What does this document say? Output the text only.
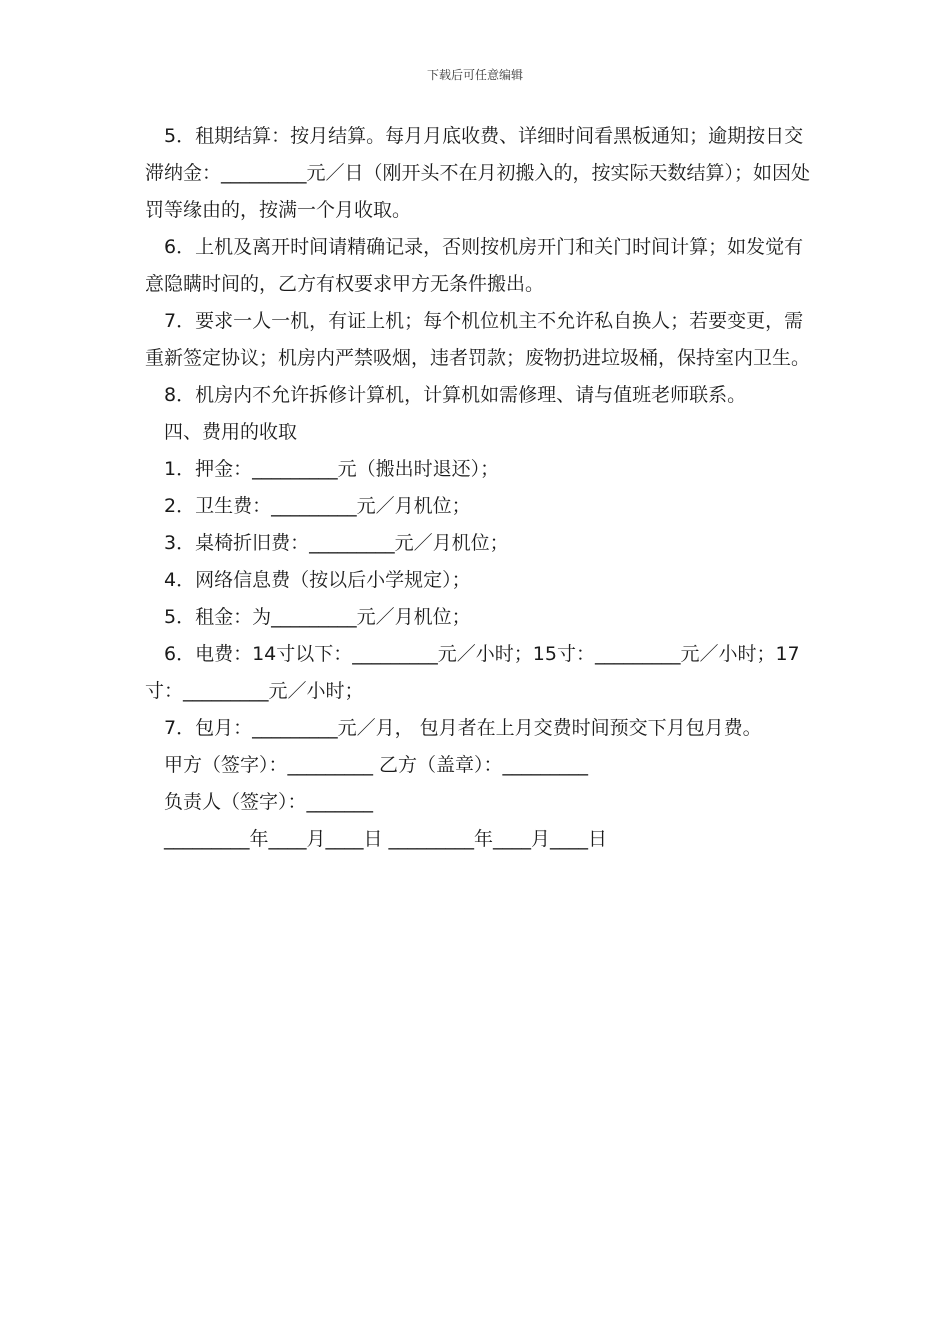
下载后可任意编辑

5．租期结算：按月结算。每月月底收费、详细时间看黑板通知；逾期按日交滞纳金：_________元／日（刚开头不在月初搬入的，按实际天数结算）；如因处罚等缘由的，按满一个月收取。

6．上机及离开时间请精确记录，否则按机房开门和关门时间计算；如发觉有意隐瞒时间的，乙方有权要求甲方无条件搬出。

7．要求一人一机，有证上机；每个机位机主不允许私自换人；若要变更，需重新签定协议；机房内严禁吸烟，违者罚款；废物扔进垃圾桶，保持室内卫生。

8．机房内不允许拆修计算机，计算机如需修理、请与值班老师联系。

四、费用的收取

1．押金：_________元（搬出时退还）；

2．卫生费：_________元／月机位；

3．桌椅折旧费：_________元／月机位；

4．网络信息费（按以后小学规定）；

5．租金：为_________元／月机位；

6．电费：14寸以下：_________元／小时；15寸：_________元／小时；17寸：_________元／小时；

7．包月：_________元／月， 包月者在上月交费时间预交下月包月费。

甲方（签字）：_________ 乙方（盖章）：_________

负责人（签字）：_______

_________年____月____日 _________年____月____日
